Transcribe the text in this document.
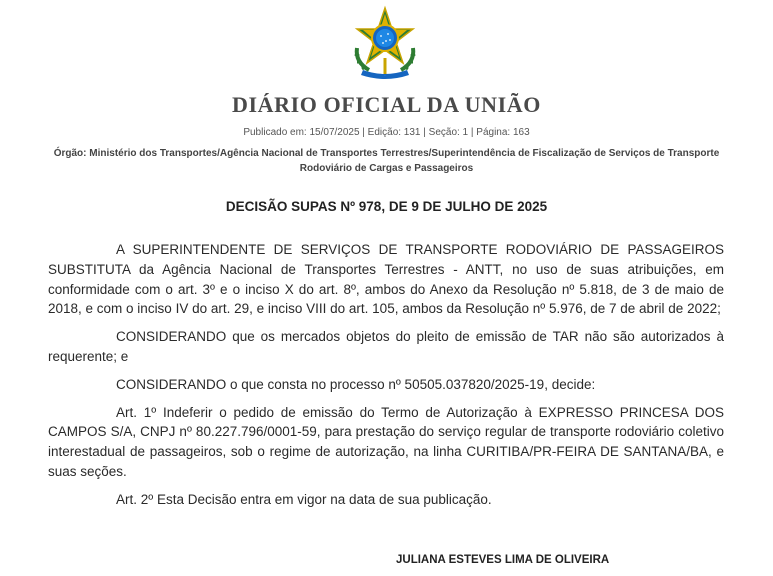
·
DIÁRIO OFICIAL DA UNIÃO
Publicado em: 15/07/2025 | Edição: 131 | Seção: 1 | Página: 163
Órgão: Ministério dos Transportes/Agência Nacional de Transportes Terrestres/Superintendência de Fiscalização de Serviços de Transporte Rodoviário de Cargas e Passageiros
DECISÃO SUPAS Nº 978, DE 9 DE JULHO DE 2025

A SUPERINTENDENTE DE SERVIÇOS DE TRANSPORTE RODOVIÁRIO DE PASSAGEIROS SUBSTITUTA da Agência Nacional de Transportes Terrestres - ANTT, no uso de suas atribuições, em conformidade com o art. 3º e o inciso X do art. 8º, ambos do Anexo da Resolução nº 5.818, de 3 de maio de 2018, e com o inciso IV do art. 29, e inciso VIII do art. 105, ambos da Resolução nº 5.976, de 7 de abril de 2022;

CONSIDERANDO que os mercados objetos do pleito de emissão de TAR não são autorizados à requerente; e

CONSIDERANDO o que consta no processo nº 50505.037820/2025-19, decide:

Art. 1º Indeferir o pedido de emissão do Termo de Autorização à EXPRESSO PRINCESA DOS CAMPOS S/A, CNPJ nº 80.227.796/0001-59, para prestação do serviço regular de transporte rodoviário coletivo interestadual de passageiros, sob o regime de autorização, na linha CURITIBA/PR-FEIRA DE SANTANA/BA, e suas seções.

Art. 2º Esta Decisão entra em vigor na data de sua publicação.

JULIANA ESTEVES LIMA DE OLIVEIRA
